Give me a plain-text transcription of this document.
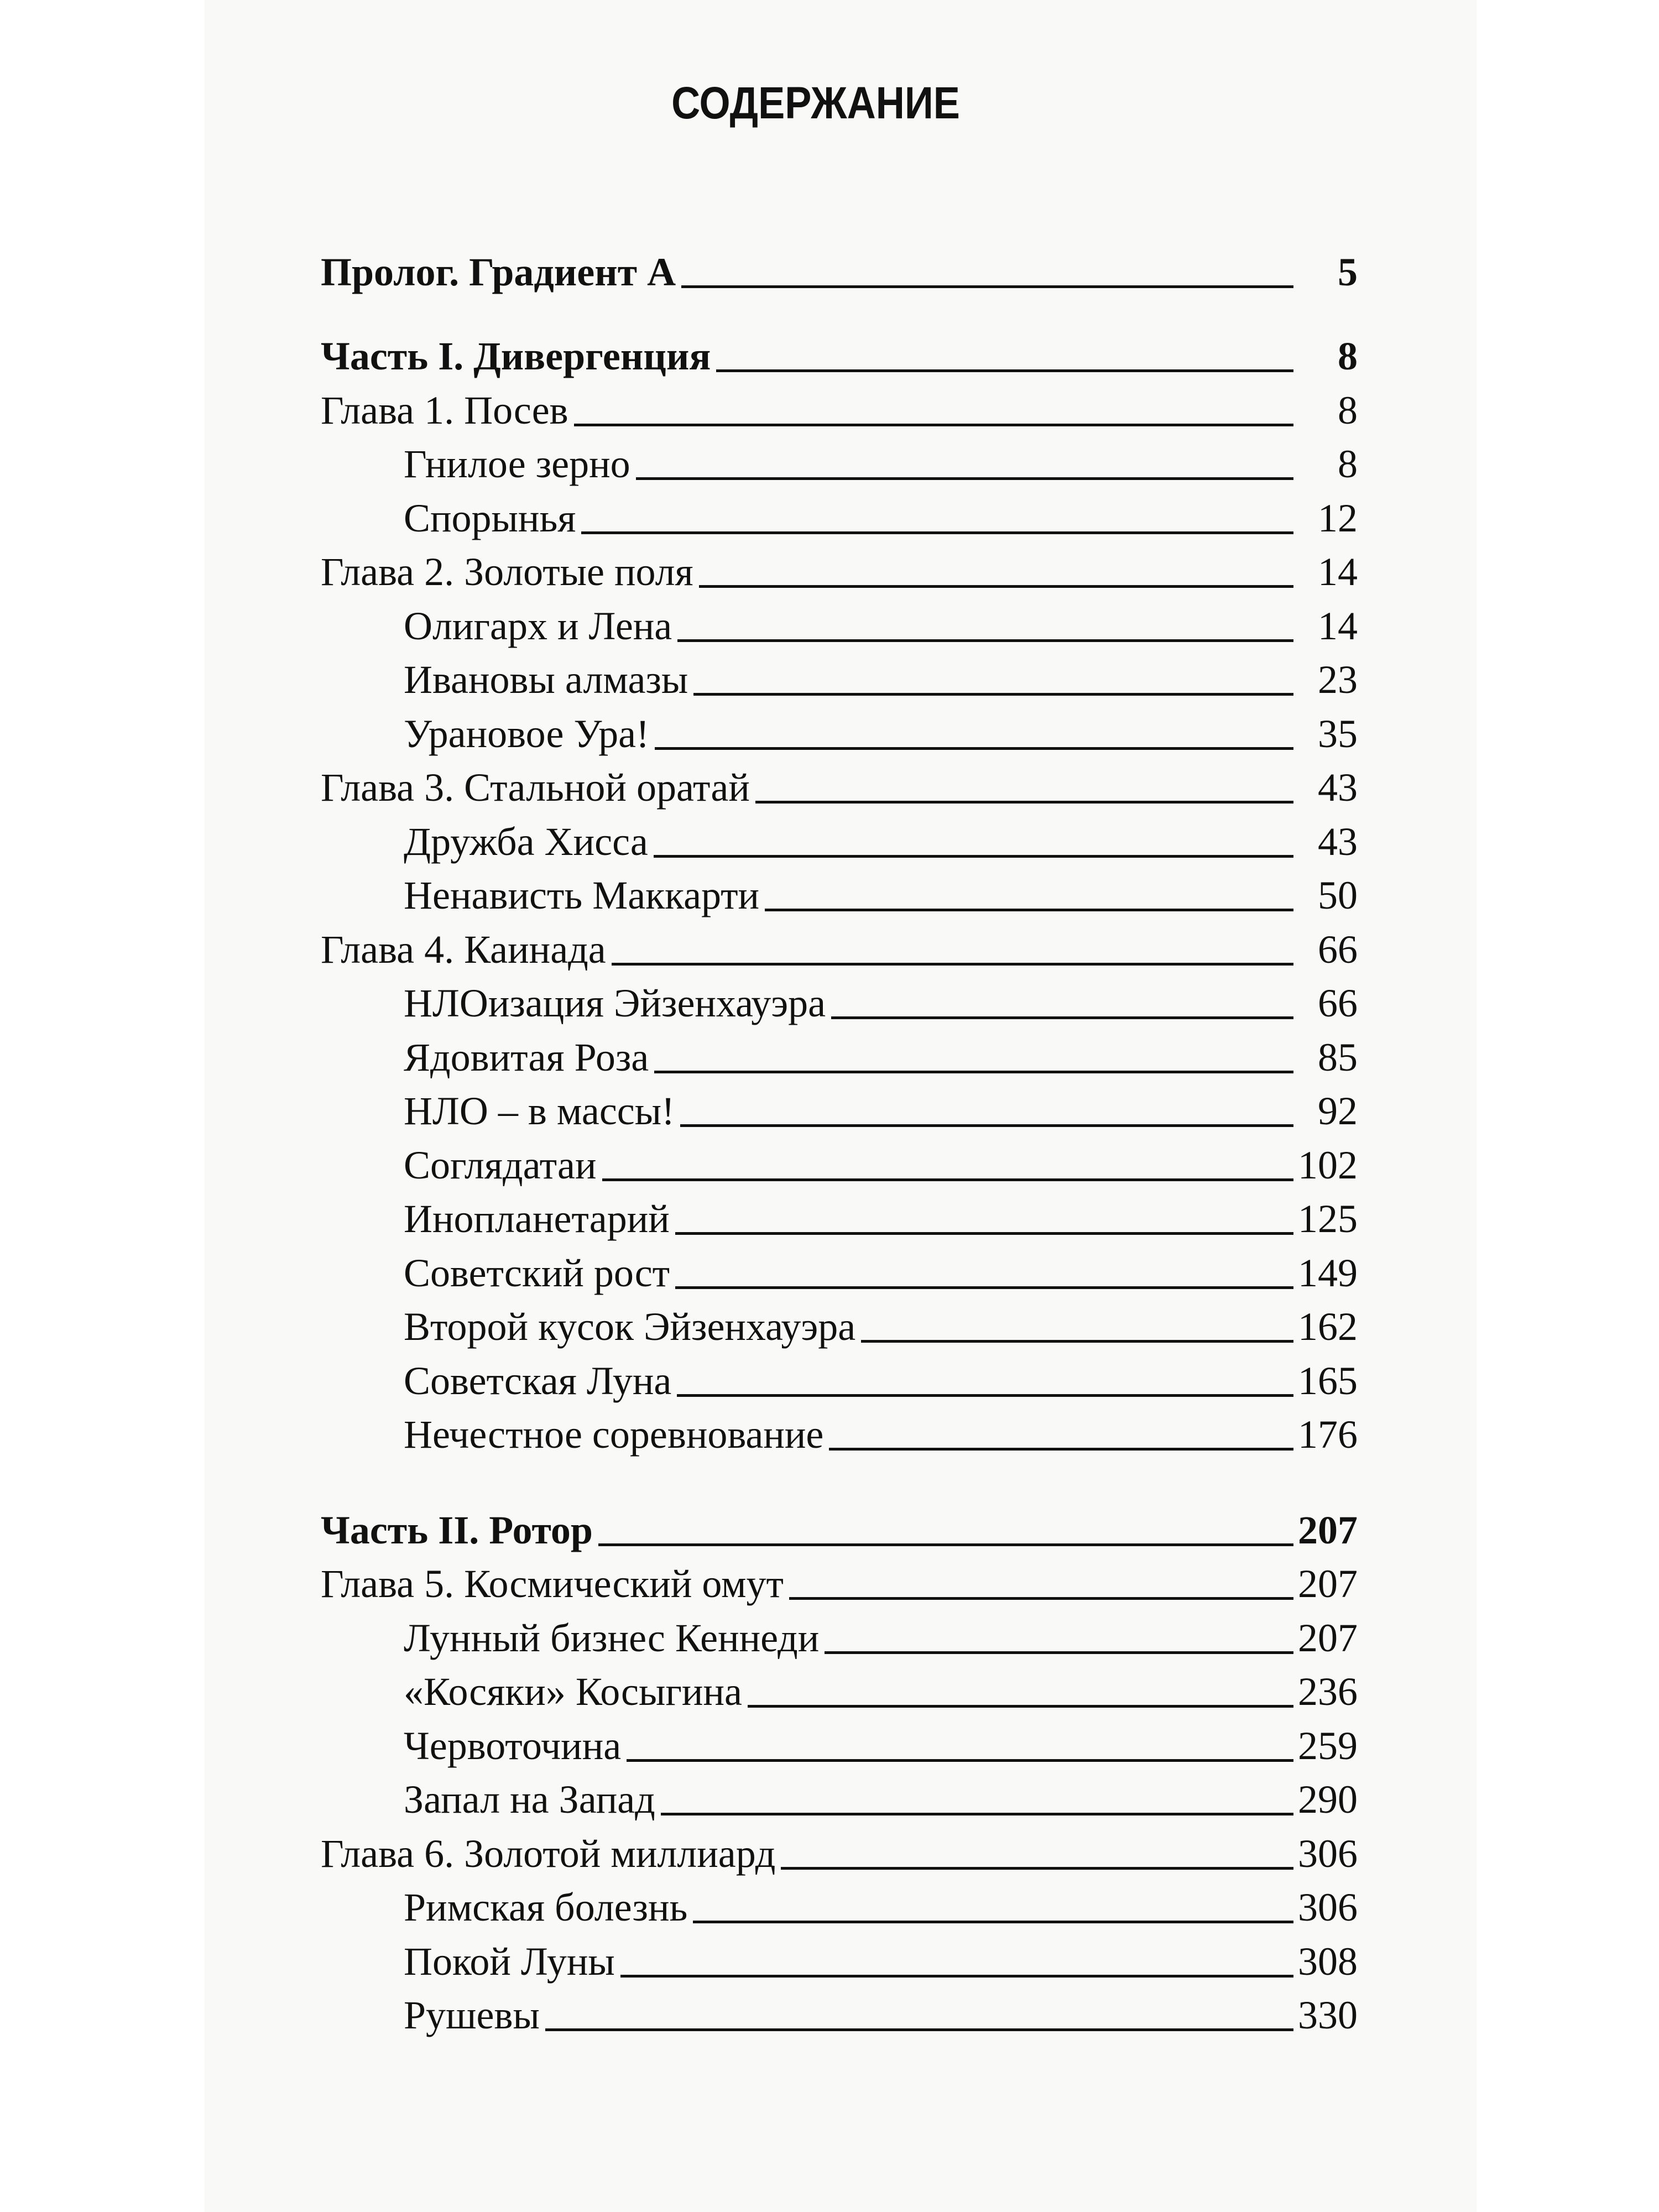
СОДЕРЖАНИЕ
Пролог. Градиент А	5
Часть I. Дивергенция	8
Глава 1. Посев	8
Гнилое зерно	8
Спорынья	12
Глава 2. Золотые поля	14
Олигарх и Лена	14
Ивановы алмазы	23
Урановое Ура!	35
Глава 3. Стальной оратай	43
Дружба Хисса	43
Ненависть Маккарти	50
Глава 4. Каинада	66
НЛОизация Эйзенхауэра	66
Ядовитая Роза	85
НЛО – в массы!	92
Соглядатаи	102
Инопланетарий	125
Советский рост	149
Второй кусок Эйзенхауэра	162
Советская Луна	165
Нечестное соревнование	176
Часть II. Ротор	207
Глава 5. Космический омут	207
Лунный бизнес Кеннеди	207
«Косяки» Косыгина	236
Червоточина	259
Запал на Запад	290
Глава 6. Золотой миллиард	306
Римская болезнь	306
Покой Луны	308
Рушевы	330
